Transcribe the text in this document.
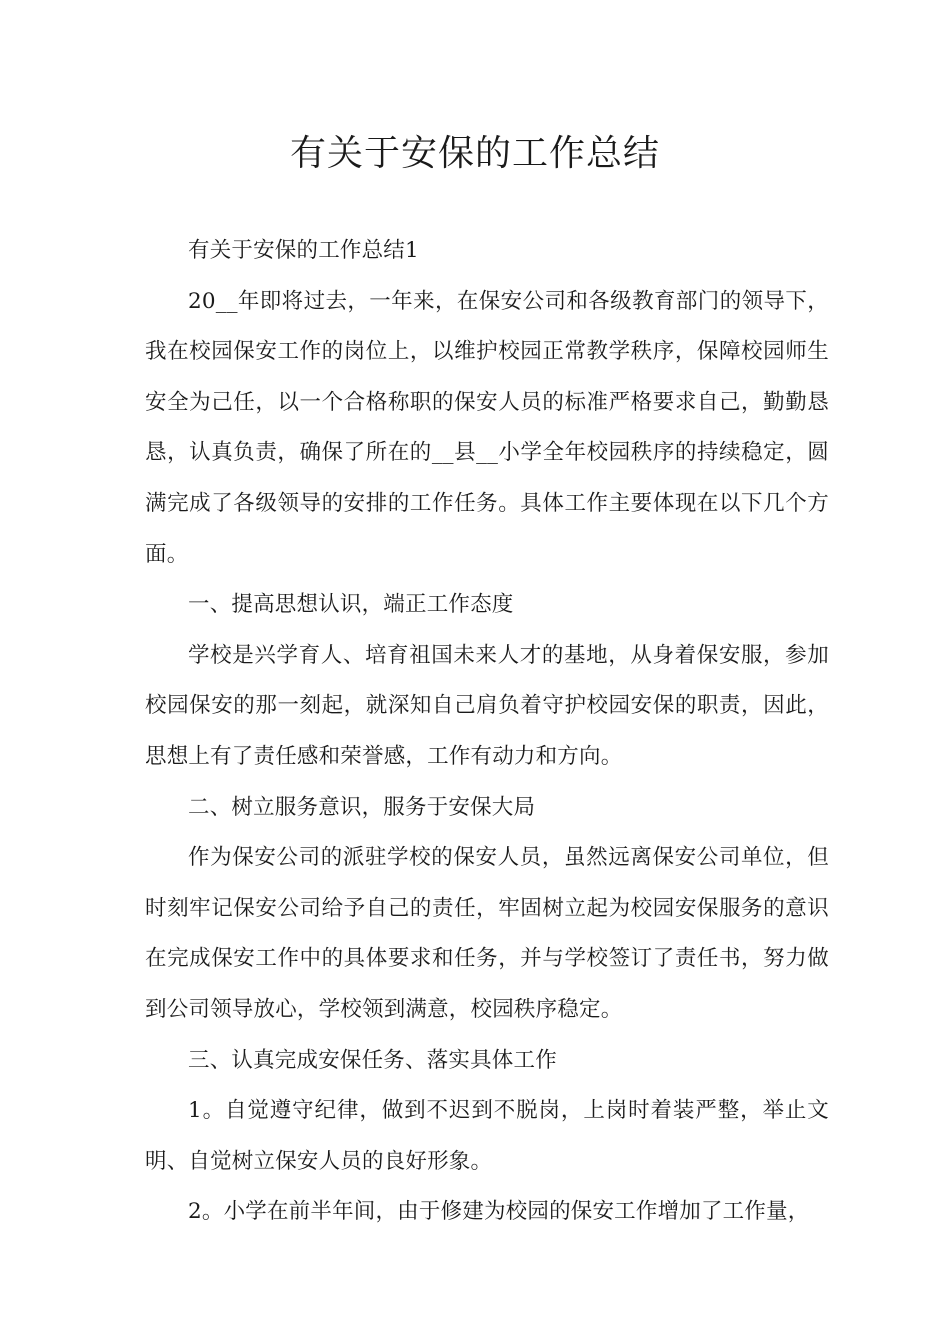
有关于安保的工作总结

有关于安保的工作总结1

20__年即将过去，一年来，在保安公司和各级教育部门的领导下，我在校园保安工作的岗位上，以维护校园正常教学秩序，保障校园师生安全为己任，以一个合格称职的保安人员的标准严格要求自己，勤勤恳恳，认真负责，确保了所在的__县__小学全年校园秩序的持续稳定，圆满完成了各级领导的安排的工作任务。具体工作主要体现在以下几个方面。

一、提高思想认识，端正工作态度

学校是兴学育人、培育祖国未来人才的基地，从身着保安服，参加校园保安的那一刻起，就深知自己肩负着守护校园安保的职责，因此，思想上有了责任感和荣誉感，工作有动力和方向。

二、树立服务意识，服务于安保大局

作为保安公司的派驻学校的保安人员，虽然远离保安公司单位，但时刻牢记保安公司给予自己的责任，牢固树立起为校园安保服务的意识在完成保安工作中的具体要求和任务，并与学校签订了责任书，努力做到公司领导放心，学校领到满意，校园秩序稳定。

三、认真完成安保任务、落实具体工作

1。自觉遵守纪律，做到不迟到不脱岗，上岗时着装严整，举止文明、自觉树立保安人员的良好形象。

2。小学在前半年间，由于修建为校园的保安工作增加了工作量，
